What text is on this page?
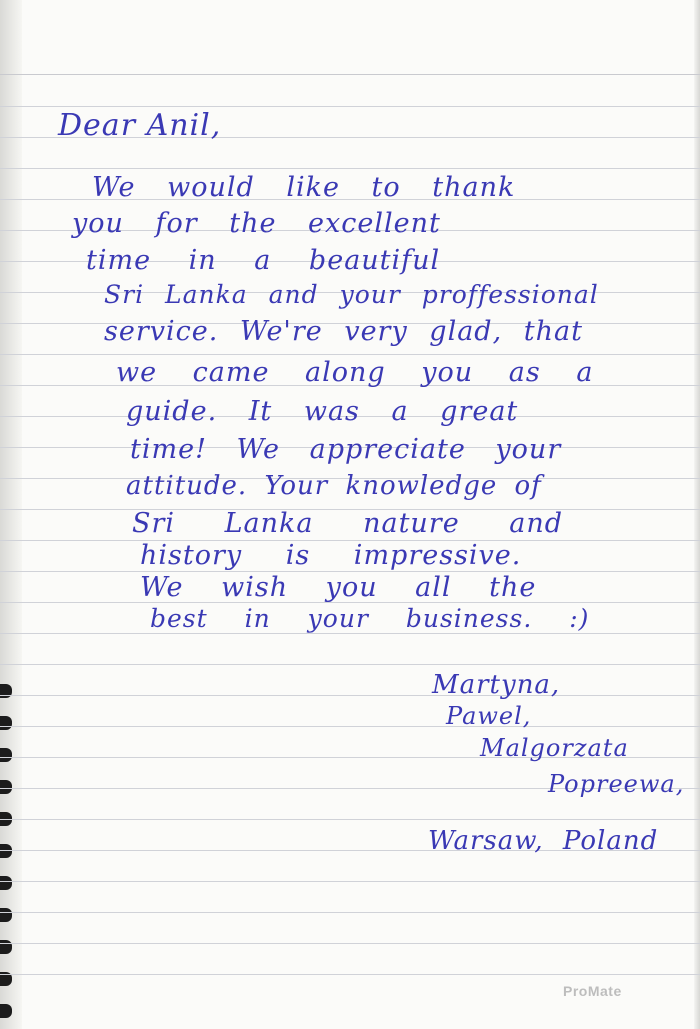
Dear Anil,
We would like to thank
you for the excellent
time in a beautiful
Sri Lanka and your proffessional
service. We're very glad, that
we came along you as a
guide. It was a great
time! We appreciate your
attitude. Your knowledge of
Sri Lanka nature and
history is impressive.
We wish you all the
best in your business. :)
Martyna,
Pawel,
Malgorzata
Popreewa,
Warsaw, Poland
ProMate
